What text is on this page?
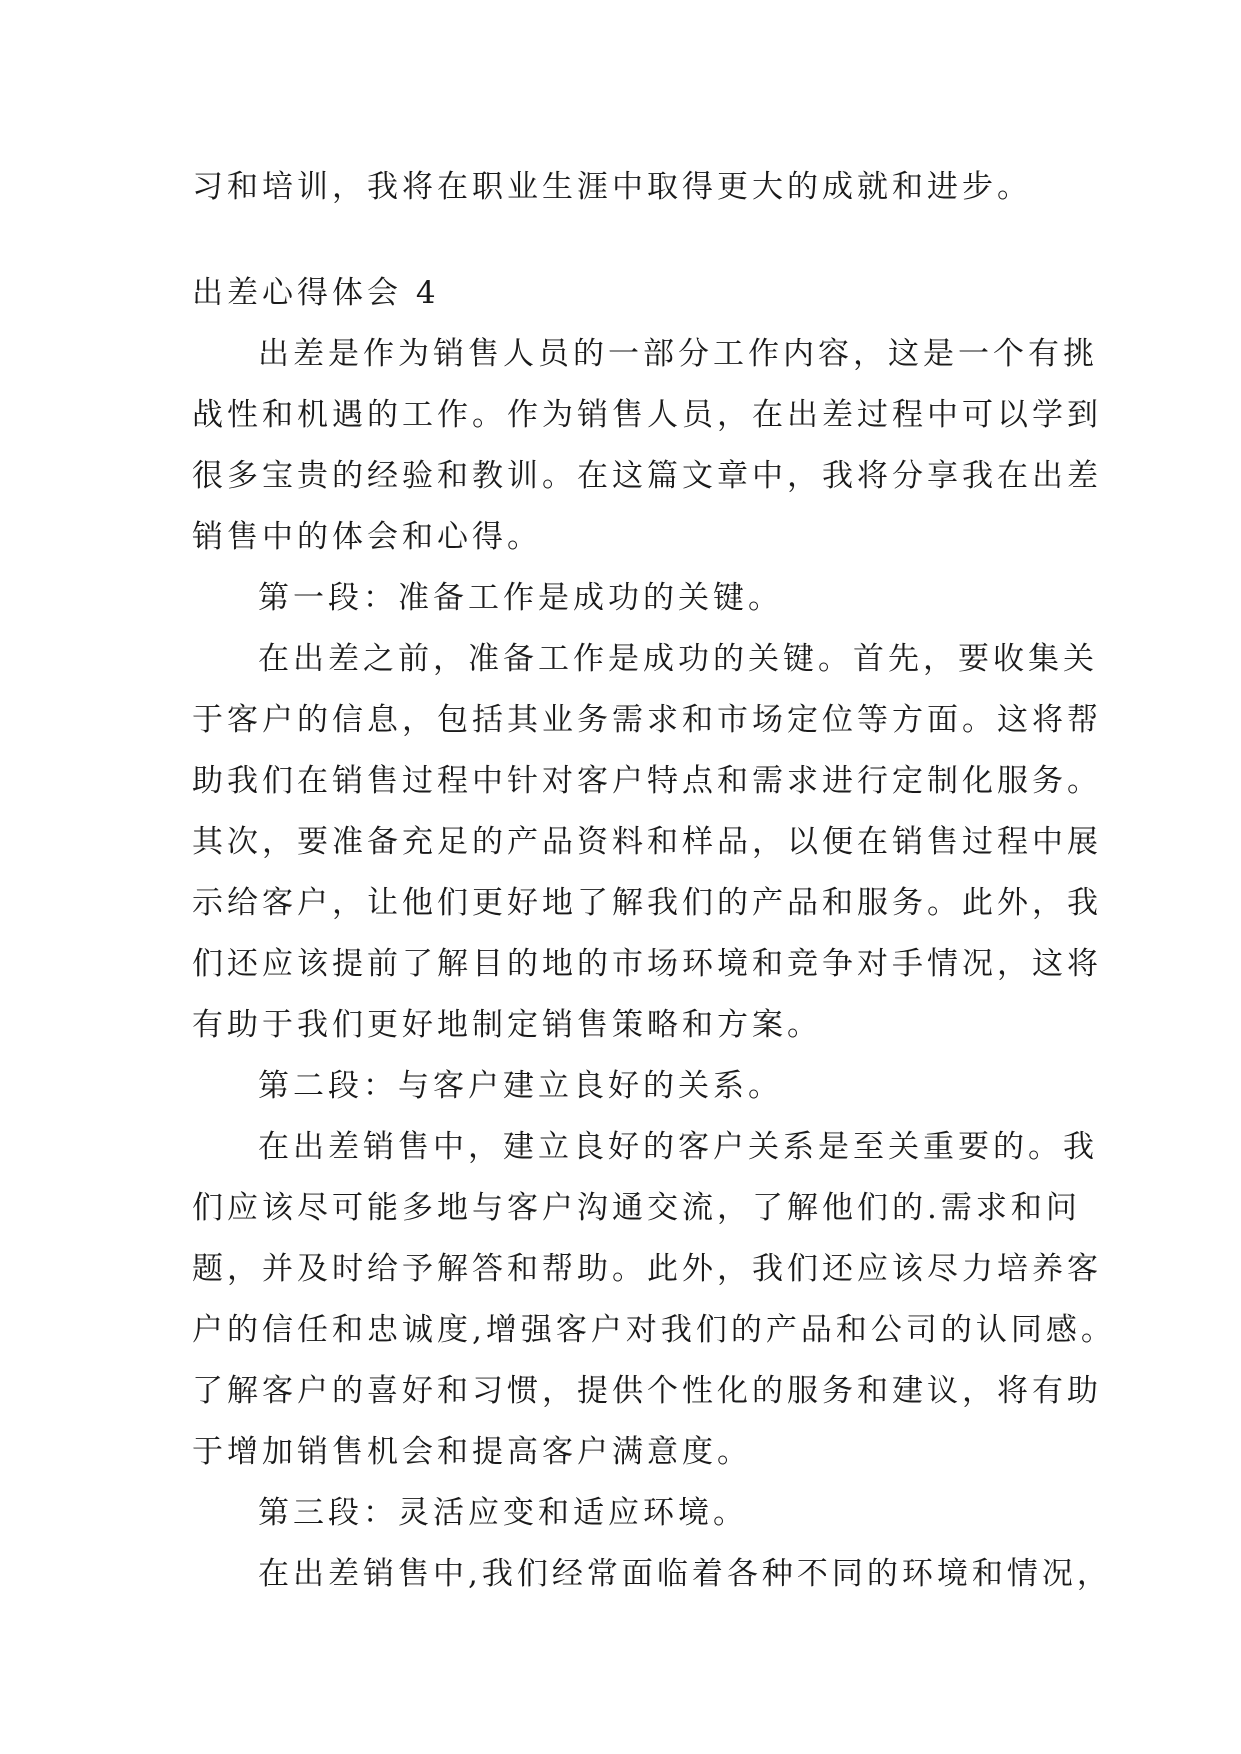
习和培训，我将在职业生涯中取得更大的成就和进步。
出差心得体会 4
出差是作为销售人员的一部分工作内容，这是一个有挑
战性和机遇的工作。作为销售人员，在出差过程中可以学到
很多宝贵的经验和教训。在这篇文章中，我将分享我在出差
销售中的体会和心得。
第一段：准备工作是成功的关键。
在出差之前，准备工作是成功的关键。首先，要收集关
于客户的信息，包括其业务需求和市场定位等方面。这将帮
助我们在销售过程中针对客户特点和需求进行定制化服务。
其次，要准备充足的产品资料和样品，以便在销售过程中展
示给客户，让他们更好地了解我们的产品和服务。此外，我
们还应该提前了解目的地的市场环境和竞争对手情况，这将
有助于我们更好地制定销售策略和方案。
第二段：与客户建立良好的关系。
在出差销售中，建立良好的客户关系是至关重要的。我
们应该尽可能多地与客户沟通交流，了解他们的.需求和问
题，并及时给予解答和帮助。此外，我们还应该尽力培养客
户的信任和忠诚度,增强客户对我们的产品和公司的认同感。
了解客户的喜好和习惯，提供个性化的服务和建议，将有助
于增加销售机会和提高客户满意度。
第三段：灵活应变和适应环境。
在出差销售中,我们经常面临着各种不同的环境和情况，
